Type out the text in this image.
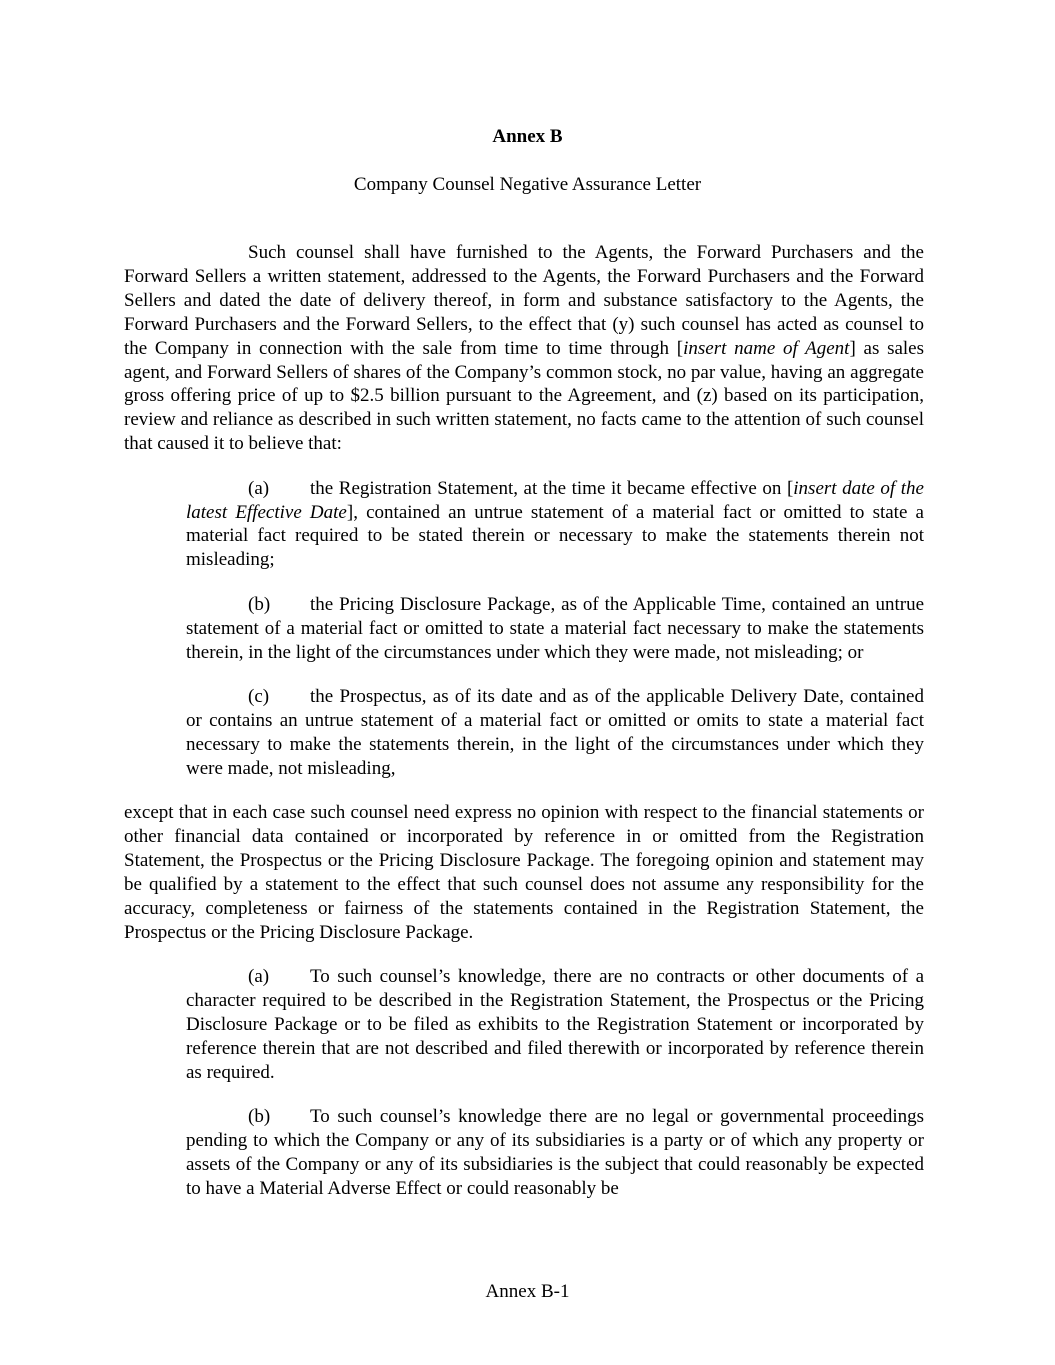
Annex B
Company Counsel Negative Assurance Letter

Such counsel shall have furnished to the Agents, the Forward Purchasers and the Forward Sellers a written statement, addressed to the Agents, the Forward Purchasers and the Forward Sellers and dated the date of delivery thereof, in form and substance satisfactory to the Agents, the Forward Purchasers and the Forward Sellers, to the effect that (y) such counsel has acted as counsel to the Company in connection with the sale from time to time through [insert name of Agent] as sales agent, and Forward Sellers of shares of the Company’s common stock, no par value, having an aggregate gross offering price of up to $2.5 billion pursuant to the Agreement, and (z) based on its participation, review and reliance as described in such written statement, no facts came to the attention of such counsel that caused it to believe that:

(a) the Registration Statement, at the time it became effective on [insert date of the latest Effective Date], contained an untrue statement of a material fact or omitted to state a material fact required to be stated therein or necessary to make the statements therein not misleading;

(b) the Pricing Disclosure Package, as of the Applicable Time, contained an untrue statement of a material fact or omitted to state a material fact necessary to make the statements therein, in the light of the circumstances under which they were made, not misleading; or

(c) the Prospectus, as of its date and as of the applicable Delivery Date, contained or contains an untrue statement of a material fact or omitted or omits to state a material fact necessary to make the statements therein, in the light of the circumstances under which they were made, not misleading,

except that in each case such counsel need express no opinion with respect to the financial statements or other financial data contained or incorporated by reference in or omitted from the Registration Statement, the Prospectus or the Pricing Disclosure Package. The foregoing opinion and statement may be qualified by a statement to the effect that such counsel does not assume any responsibility for the accuracy, completeness or fairness of the statements contained in the Registration Statement, the Prospectus or the Pricing Disclosure Package.

(a) To such counsel’s knowledge, there are no contracts or other documents of a character required to be described in the Registration Statement, the Prospectus or the Pricing Disclosure Package or to be filed as exhibits to the Registration Statement or incorporated by reference therein that are not described and filed therewith or incorporated by reference therein as required.

(b) To such counsel’s knowledge there are no legal or governmental proceedings pending to which the Company or any of its subsidiaries is a party or of which any property or assets of the Company or any of its subsidiaries is the subject that could reasonably be expected to have a Material Adverse Effect or could reasonably be

Annex B-1
